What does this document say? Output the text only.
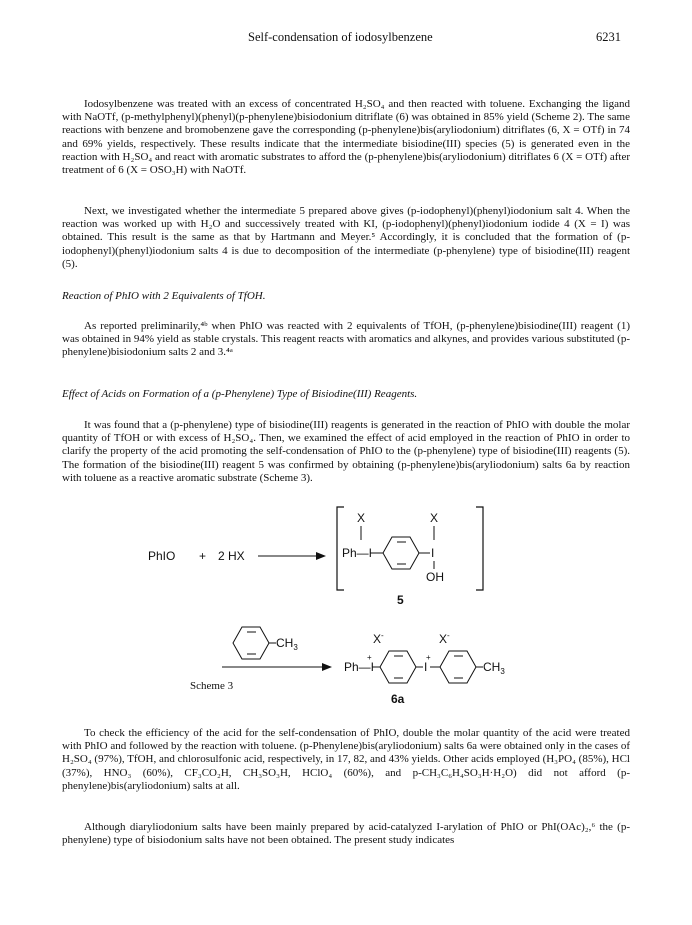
Self-condensation of iodosylbenzene	6231

Iodosylbenzene was treated with an excess of concentrated H₂SO₄ and then reacted with toluene. Exchanging the ligand with NaOTf, (p-methylphenyl)(phenyl)(p-phenylene)bisiodonium ditriflate (6) was obtained in 85% yield (Scheme 2). The same reactions with benzene and bromobenzene gave the corresponding (p-phenylene)bis(aryliodonium) ditriflates (6, X = OTf) in 74 and 69% yields, respectively. These results indicate that the intermediate bisiodine(III) species (5) is generated even in the reaction with H₂SO₄ and react with aromatic substrates to afford the (p-phenylene)bis(aryliodonium) ditriflates 6 (X = OTf) after treatment of 6 (X = OSO₃H) with NaOTf.

Next, we investigated whether the intermediate 5 prepared above gives (p-iodophenyl)(phenyl)iodonium salt 4. When the reaction was worked up with H₂O and successively treated with KI, (p-iodophenyl)(phenyl)iodonium iodide 4 (X = I) was obtained. This result is the same as that by Hartmann and Meyer.⁵ Accordingly, it is concluded that the formation of (p-iodophenyl)(phenyl)iodonium salts 4 is due to decomposition of the intermediate (p-phenylene) type of bisiodine(III) reagent (5).

Reaction of PhIO with 2 Equivalents of TfOH.

As reported preliminarily,⁴ᵇ when PhIO was reacted with 2 equivalents of TfOH, (p-phenylene)bisiodine(III) reagent (1) was obtained in 94% yield as stable crystals. This reagent reacts with aromatics and alkynes, and provides various substituted (p-phenylene)bisiodonium salts 2 and 3.⁴ᵃ

Effect of Acids on Formation of a (p-Phenylene) Type of Bisiodine(III) Reagents.

It was found that a (p-phenylene) type of bisiodine(III) reagents is generated in the reaction of PhIO with double the molar quantity of TfOH or with excess of H₂SO₄. Then, we examined the effect of acid employed in the reaction of PhIO in order to clarify the property of the acid promoting the self-condensation of PhIO to the (p-phenylene) type of bisiodine(III) reagents (5). The formation of the bisiodine(III) reagent 5 was confirmed by obtaining (p-phenylene)bis(aryliodonium) salts 6a by reaction with toluene as a reactive aromatic substrate (Scheme 3).

PhIO + 2 HX
X
Ph—I
X
I
OH
5
$CH_3$
X-	X-
Ph—I
+
I
+
$CH_3$
6a
Scheme 3

To check the efficiency of the acid for the self-condensation of PhIO, double the molar quantity of the acid were treated with PhIO and followed by the reaction with toluene. (p-Phenylene)bis(aryliodonium) salts 6a were obtained only in the cases of H₂SO₄ (97%), TfOH, and chlorosulfonic acid, respectively, in 17, 82, and 43% yields. Other acids employed (H₃PO₄ (85%), HCl (37%), HNO₃ (60%), CF₃CO₂H, CH₃SO₃H, HClO₄ (60%), and p-CH₃C₆H₄SO₃H·H₂O) did not afford (p-phenylene)bis(aryliodonium) salts at all.

Although diaryliodonium salts have been mainly prepared by acid-catalyzed I-arylation of PhIO or PhI(OAc)₂,⁶ the (p-phenylene) type of bisiodonium salts have not been obtained. The present study indicates
